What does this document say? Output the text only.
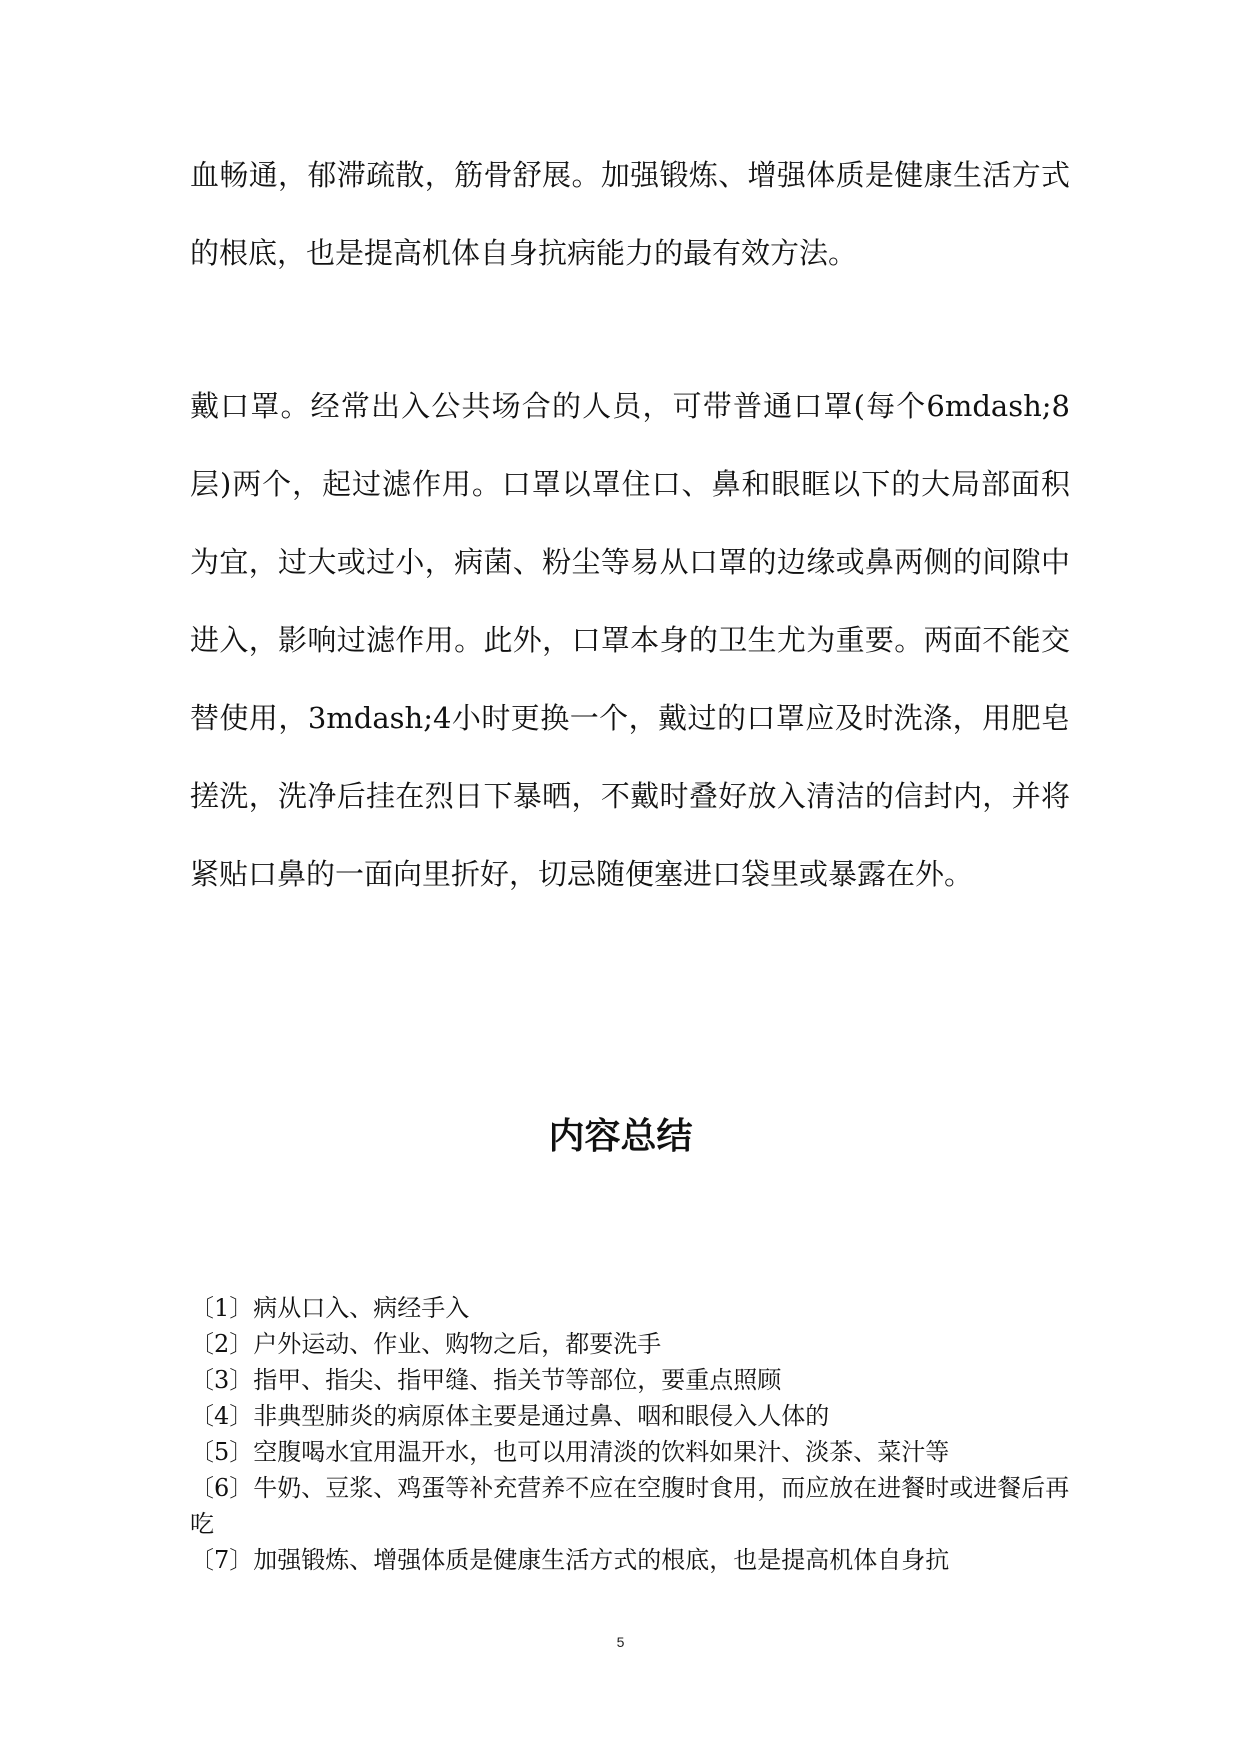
血畅通，郁滞疏散，筋骨舒展。加强锻炼、增强体质是健康生活方式的根底，也是提高机体自身抗病能力的最有效方法。

戴口罩。经常出入公共场合的人员，可带普通口罩(每个6mdash;8层)两个，起过滤作用。口罩以罩住口、鼻和眼眶以下的大局部面积为宜，过大或过小，病菌、粉尘等易从口罩的边缘或鼻两侧的间隙中进入，影响过滤作用。此外，口罩本身的卫生尤为重要。两面不能交替使用，3mdash;4小时更换一个，戴过的口罩应及时洗涤，用肥皂搓洗，洗净后挂在烈日下暴晒，不戴时叠好放入清洁的信封内，并将紧贴口鼻的一面向里折好，切忌随便塞进口袋里或暴露在外。

内容总结
〔1〕病从口入、病经手入
〔2〕户外运动、作业、购物之后，都要洗手
〔3〕指甲、指尖、指甲缝、指关节等部位，要重点照顾
〔4〕非典型肺炎的病原体主要是通过鼻、咽和眼侵入人体的
〔5〕空腹喝水宜用温开水，也可以用清淡的饮料如果汁、淡茶、菜汁等
〔6〕牛奶、豆浆、鸡蛋等补充营养不应在空腹时食用，而应放在进餐时或进餐后再吃
〔7〕加强锻炼、增强体质是健康生活方式的根底，也是提高机体自身抗
5
